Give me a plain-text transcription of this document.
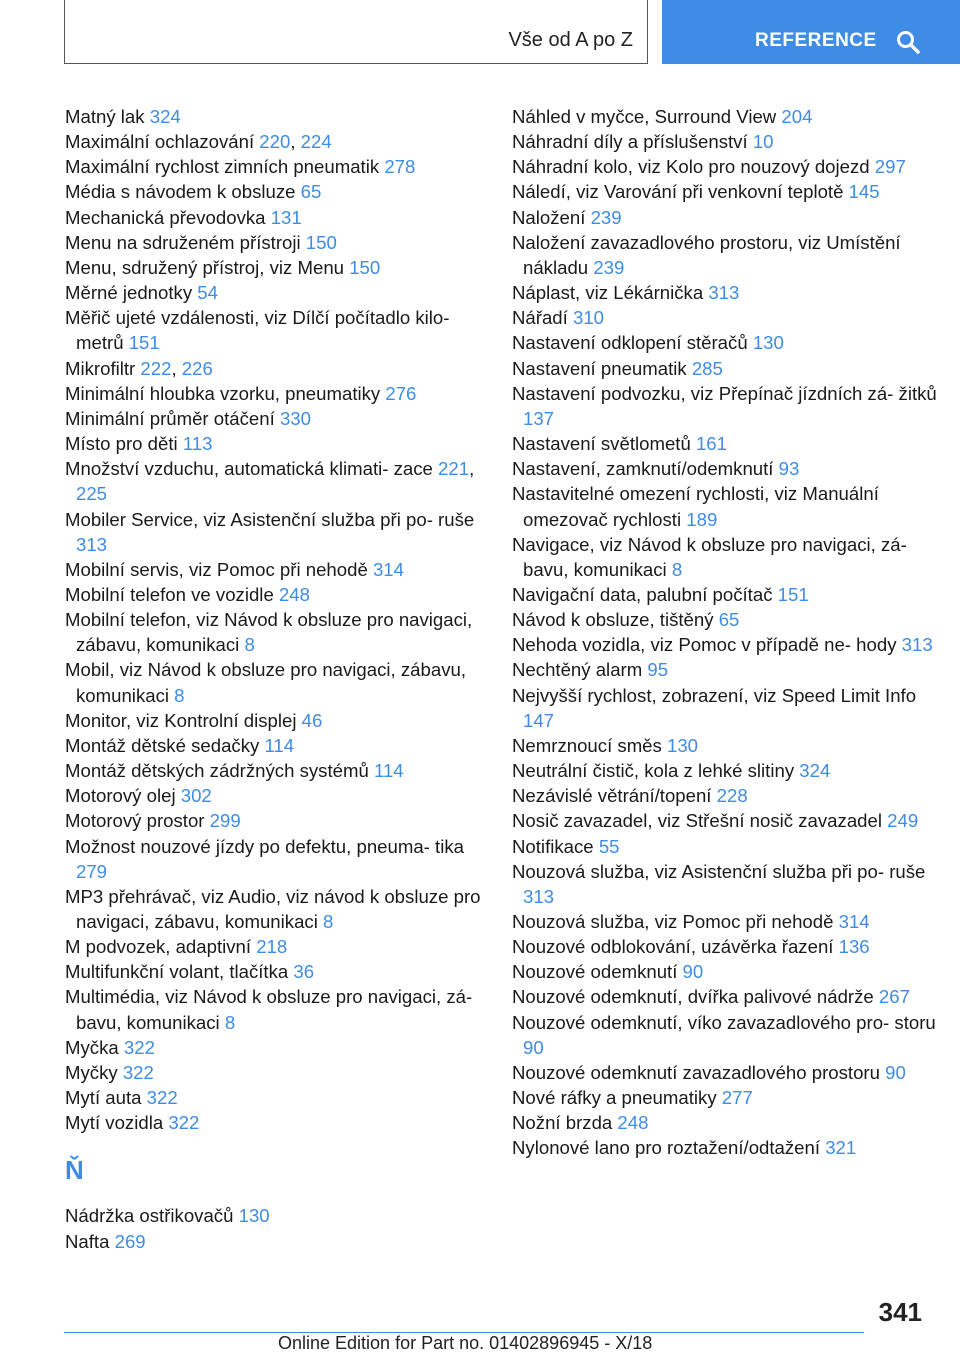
Vše od A po Z	REFERENCE
Matný lak 324
Maximální ochlazování 220, 224
Maximální rychlost zimních pneumatik 278
Média s návodem k obsluze 65
Mechanická převodovka 131
Menu na sdruženém přístroji 150
Menu, sdružený přístroj, viz Menu 150
Měrné jednotky 54
Měřič ujeté vzdálenosti, viz Dílčí počítadlo kilo‐ metrů 151
Mikrofiltr 222, 226
Minimální hloubka vzorku, pneumatiky 276
Minimální průměr otáčení 330
Místo pro děti 113
Množství vzduchu, automatická klimati‐ zace 221, 225
Mobiler Service, viz Asistenční služba při po‐ ruše 313
Mobilní servis, viz Pomoc při nehodě 314
Mobilní telefon ve vozidle 248
Mobilní telefon, viz Návod k obsluze pro navigaci, zábavu, komunikaci 8
Mobil, viz Návod k obsluze pro navigaci, zábavu, komunikaci 8
Monitor, viz Kontrolní displej 46
Montáž dětské sedačky 114
Montáž dětských zádržných systémů 114
Motorový olej 302
Motorový prostor 299
Možnost nouzové jízdy po defektu, pneuma‐ tika 279
MP3 přehrávač, viz Audio, viz návod k obsluze pro navigaci, zábavu, komunikaci 8
M podvozek, adaptivní 218
Multifunkční volant, tlačítka 36
Multimédia, viz Návod k obsluze pro navigaci, zá‐ bavu, komunikaci 8
Myčka 322
Myčky 322
Mytí auta 322
Mytí vozidla 322
Ň
Nádržka ostřikovačů 130
Nafta 269
Náhled v myčce, Surround View 204
Náhradní díly a příslušenství 10
Náhradní kolo, viz Kolo pro nouzový dojezd 297
Náledí, viz Varování při venkovní teplotě 145
Naložení 239
Naložení zavazadlového prostoru, viz Umístění nákladu 239
Náplast, viz Lékárnička 313
Nářadí 310
Nastavení odklopení stěračů 130
Nastavení pneumatik 285
Nastavení podvozku, viz Přepínač jízdních zá‐ žitků 137
Nastavení světlometů 161
Nastavení, zamknutí/odemknutí 93
Nastavitelné omezení rychlosti, viz Manuální omezovač rychlosti 189
Navigace, viz Návod k obsluze pro navigaci, zá‐ bavu, komunikaci 8
Navigační data, palubní počítač 151
Návod k obsluze, tištěný 65
Nehoda vozidla, viz Pomoc v případě ne‐ hody 313
Nechtěný alarm 95
Nejvyšší rychlost, zobrazení, viz Speed Limit Info 147
Nemrznoucí směs 130
Neutrální čistič, kola z lehké slitiny 324
Nezávislé větrání/topení 228
Nosič zavazadel, viz Střešní nosič zavazadel 249
Notifikace 55
Nouzová služba, viz Asistenční služba při po‐ ruše 313
Nouzová služba, viz Pomoc při nehodě 314
Nouzové odblokování, uzávěrka řazení 136
Nouzové odemknutí 90
Nouzové odemknutí, dvířka palivové nádrže 267
Nouzové odemknutí, víko zavazadlového pro‐ storu 90
Nouzové odemknutí zavazadlového prostoru 90
Nové ráfky a pneumatiky 277
Nožní brzda 248
Nylonové lano pro roztažení/odtažení 321
341
Online Edition for Part no. 01402896945 - X/18
